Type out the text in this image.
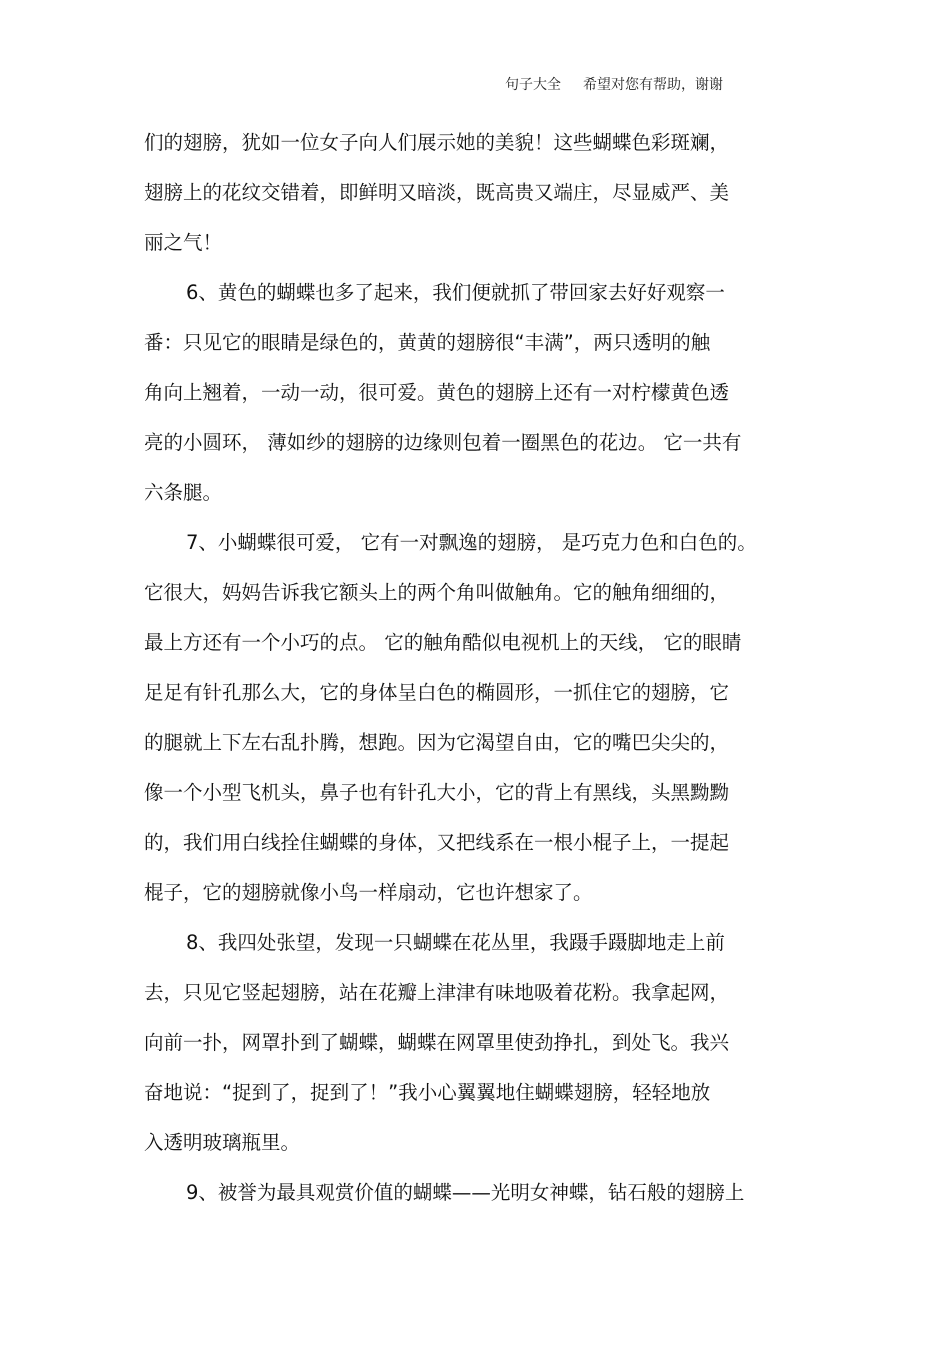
句子大全 希望对您有帮助，谢谢
们的翅膀，犹如一位女子向人们展示她的美貌！这些蝴蝶色彩斑斓，
翅膀上的花纹交错着，即鲜明又暗淡，既高贵又端庄，尽显威严、美
丽之气！
6、黄色的蝴蝶也多了起来，我们便就抓了带回家去好好观察一
番：只见它的眼睛是绿色的，黄黄的翅膀很“丰满”，两只透明的触
角向上翘着，一动一动，很可爱。黄色的翅膀上还有一对柠檬黄色透
亮的小圆环， 薄如纱的翅膀的边缘则包着一圈黑色的花边。 它一共有
六条腿。
7、小蝴蝶很可爱， 它有一对飘逸的翅膀， 是巧克力色和白色的。
它很大，妈妈告诉我它额头上的两个角叫做触角。它的触角细细的，
最上方还有一个小巧的点。 它的触角酷似电视机上的天线， 它的眼睛
足足有针孔那么大，它的身体呈白色的椭圆形，一抓住它的翅膀，它
的腿就上下左右乱扑腾，想跑。因为它渴望自由，它的嘴巴尖尖的，
像一个小型飞机头，鼻子也有针孔大小，它的背上有黑线，头黑黝黝
的，我们用白线拴住蝴蝶的身体，又把线系在一根小棍子上，一提起
棍子，它的翅膀就像小鸟一样扇动，它也许想家了。
8、我四处张望，发现一只蝴蝶在花丛里，我蹑手蹑脚地走上前
去，只见它竖起翅膀，站在花瓣上津津有味地吸着花粉。我拿起网，
向前一扑，网罩扑到了蝴蝶，蝴蝶在网罩里使劲挣扎，到处飞。我兴
奋地说：“捉到了，捉到了！”我小心翼翼地住蝴蝶翅膀，轻轻地放
入透明玻璃瓶里。
9、被誉为最具观赏价值的蝴蝶——光明女神蝶，钻石般的翅膀上
